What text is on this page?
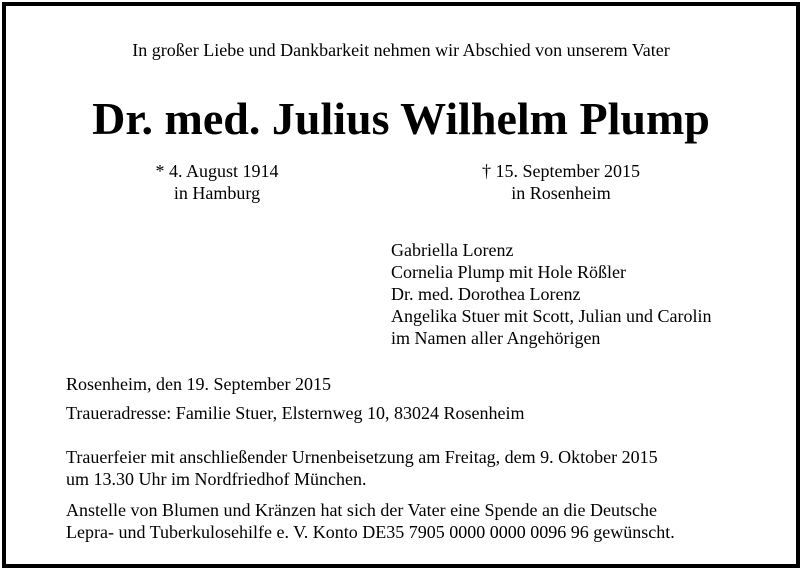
In großer Liebe und Dankbarkeit nehmen wir Abschied von unserem Vater
Dr. med. Julius Wilhelm Plump
* 4. August 1914
in Hamburg
† 15. September 2015
in Rosenheim
Gabriella Lorenz
Cornelia Plump mit Hole Rößler
Dr. med. Dorothea Lorenz
Angelika Stuer mit Scott, Julian und Carolin
im Namen aller Angehörigen
Rosenheim, den 19. September 2015
Traueradresse: Familie Stuer, Elsternweg 10, 83024 Rosenheim
Trauerfeier mit anschließender Urnenbeisetzung am Freitag, dem 9. Oktober 2015
um 13.30 Uhr im Nordfriedhof München.
Anstelle von Blumen und Kränzen hat sich der Vater eine Spende an die Deutsche
Lepra- und Tuberkulosehilfe e. V. Konto DE35 7905 0000 0000 0096 96 gewünscht.
